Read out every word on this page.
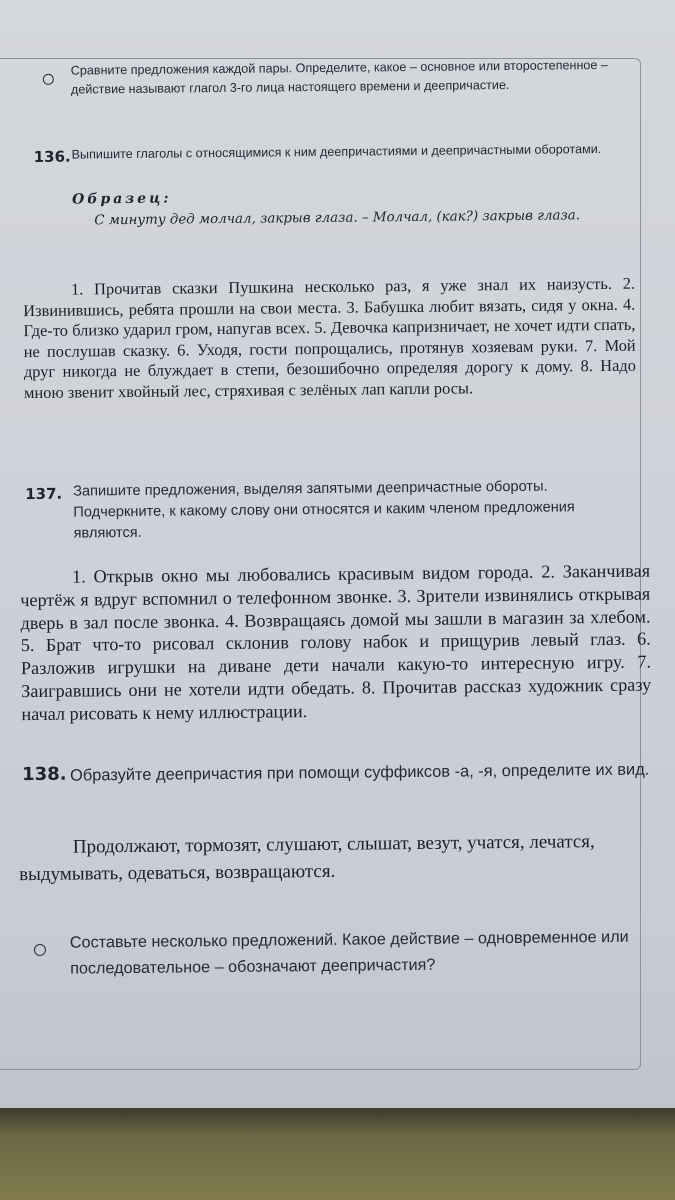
Сравните предложения каждой пары. Определите, какое – основное или второстепенное – действие называют глагол 3-го лица настоящего времени и деепричастие.

136. Выпишите глаголы с относящимися к ним деепричастиями и деепричастными оборотами.

Образец:

С минуту дед молчал, закрыв глаза. – Молчал, (как?) закрыв глаза.

1. Прочитав сказки Пушкина несколько раз, я уже знал их наизусть. 2. Извинившись, ребята прошли на свои места. 3. Бабушка любит вязать, сидя у окна. 4. Где-то близко ударил гром, напугав всех. 5. Девочка капризничает, не хочет идти спать, не послушав сказку. 6. Уходя, гости попрощались, протянув хозяевам руки. 7. Мой друг никогда не блуждает в степи, безошибочно определяя дорогу к дому. 8. Надо мною звенит хвойный лес, стряхивая с зелёных лап капли росы.

137. Запишите предложения, выделяя запятыми деепричастные обороты. Подчеркните, к какому слову они относятся и каким членом предложения являются.

1. Открыв окно мы любовались красивым видом города. 2. Заканчивая чертёж я вдруг вспомнил о телефонном звонке. 3. Зрители извинялись открывая дверь в зал после звонка. 4. Возвращаясь домой мы зашли в магазин за хлебом. 5. Брат что-то рисовал склонив голову набок и прищурив левый глаз. 6. Разложив игрушки на диване дети начали какую-то интересную игру. 7. Заигравшись они не хотели идти обедать. 8. Прочитав рассказ художник сразу начал рисовать к нему иллюстрации.

138. Образуйте деепричастия при помощи суффиксов -а, -я, определите их вид.

Продолжают, тормозят, слушают, слышат, везут, учатся, лечатся, выдумывать, одеваться, возвращаются.

Составьте несколько предложений. Какое действие – одновременное или последовательное – обозначают деепричастия?
